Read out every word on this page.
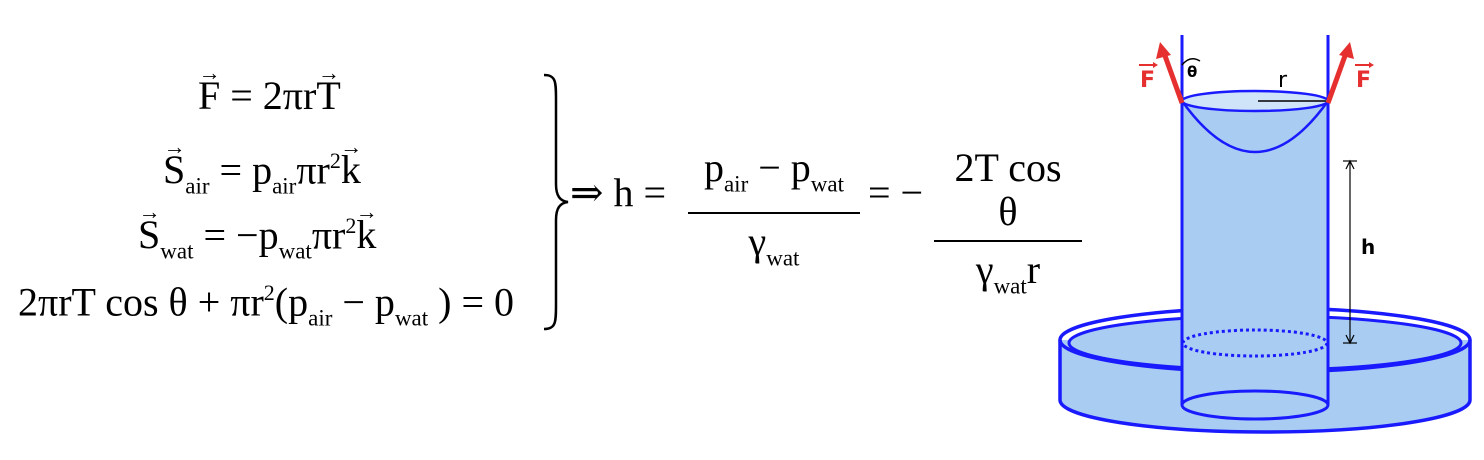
→ F = 2πr→ T
→ $S_{air} = p_{air}\pi r^2\to k$
→ $S_{wat} = -p_{wat}\pi r^2\to k$
2πrT $\cos \theta + \pi r^2(p_{air} - p_{wat}$ ) = 0
⇒ h =
$p_{air} - p_{wat}$
$\gamma_{wat}$
= −
2T cos θ
$\gamma_{wat}r$
r
θ
F	F
h
